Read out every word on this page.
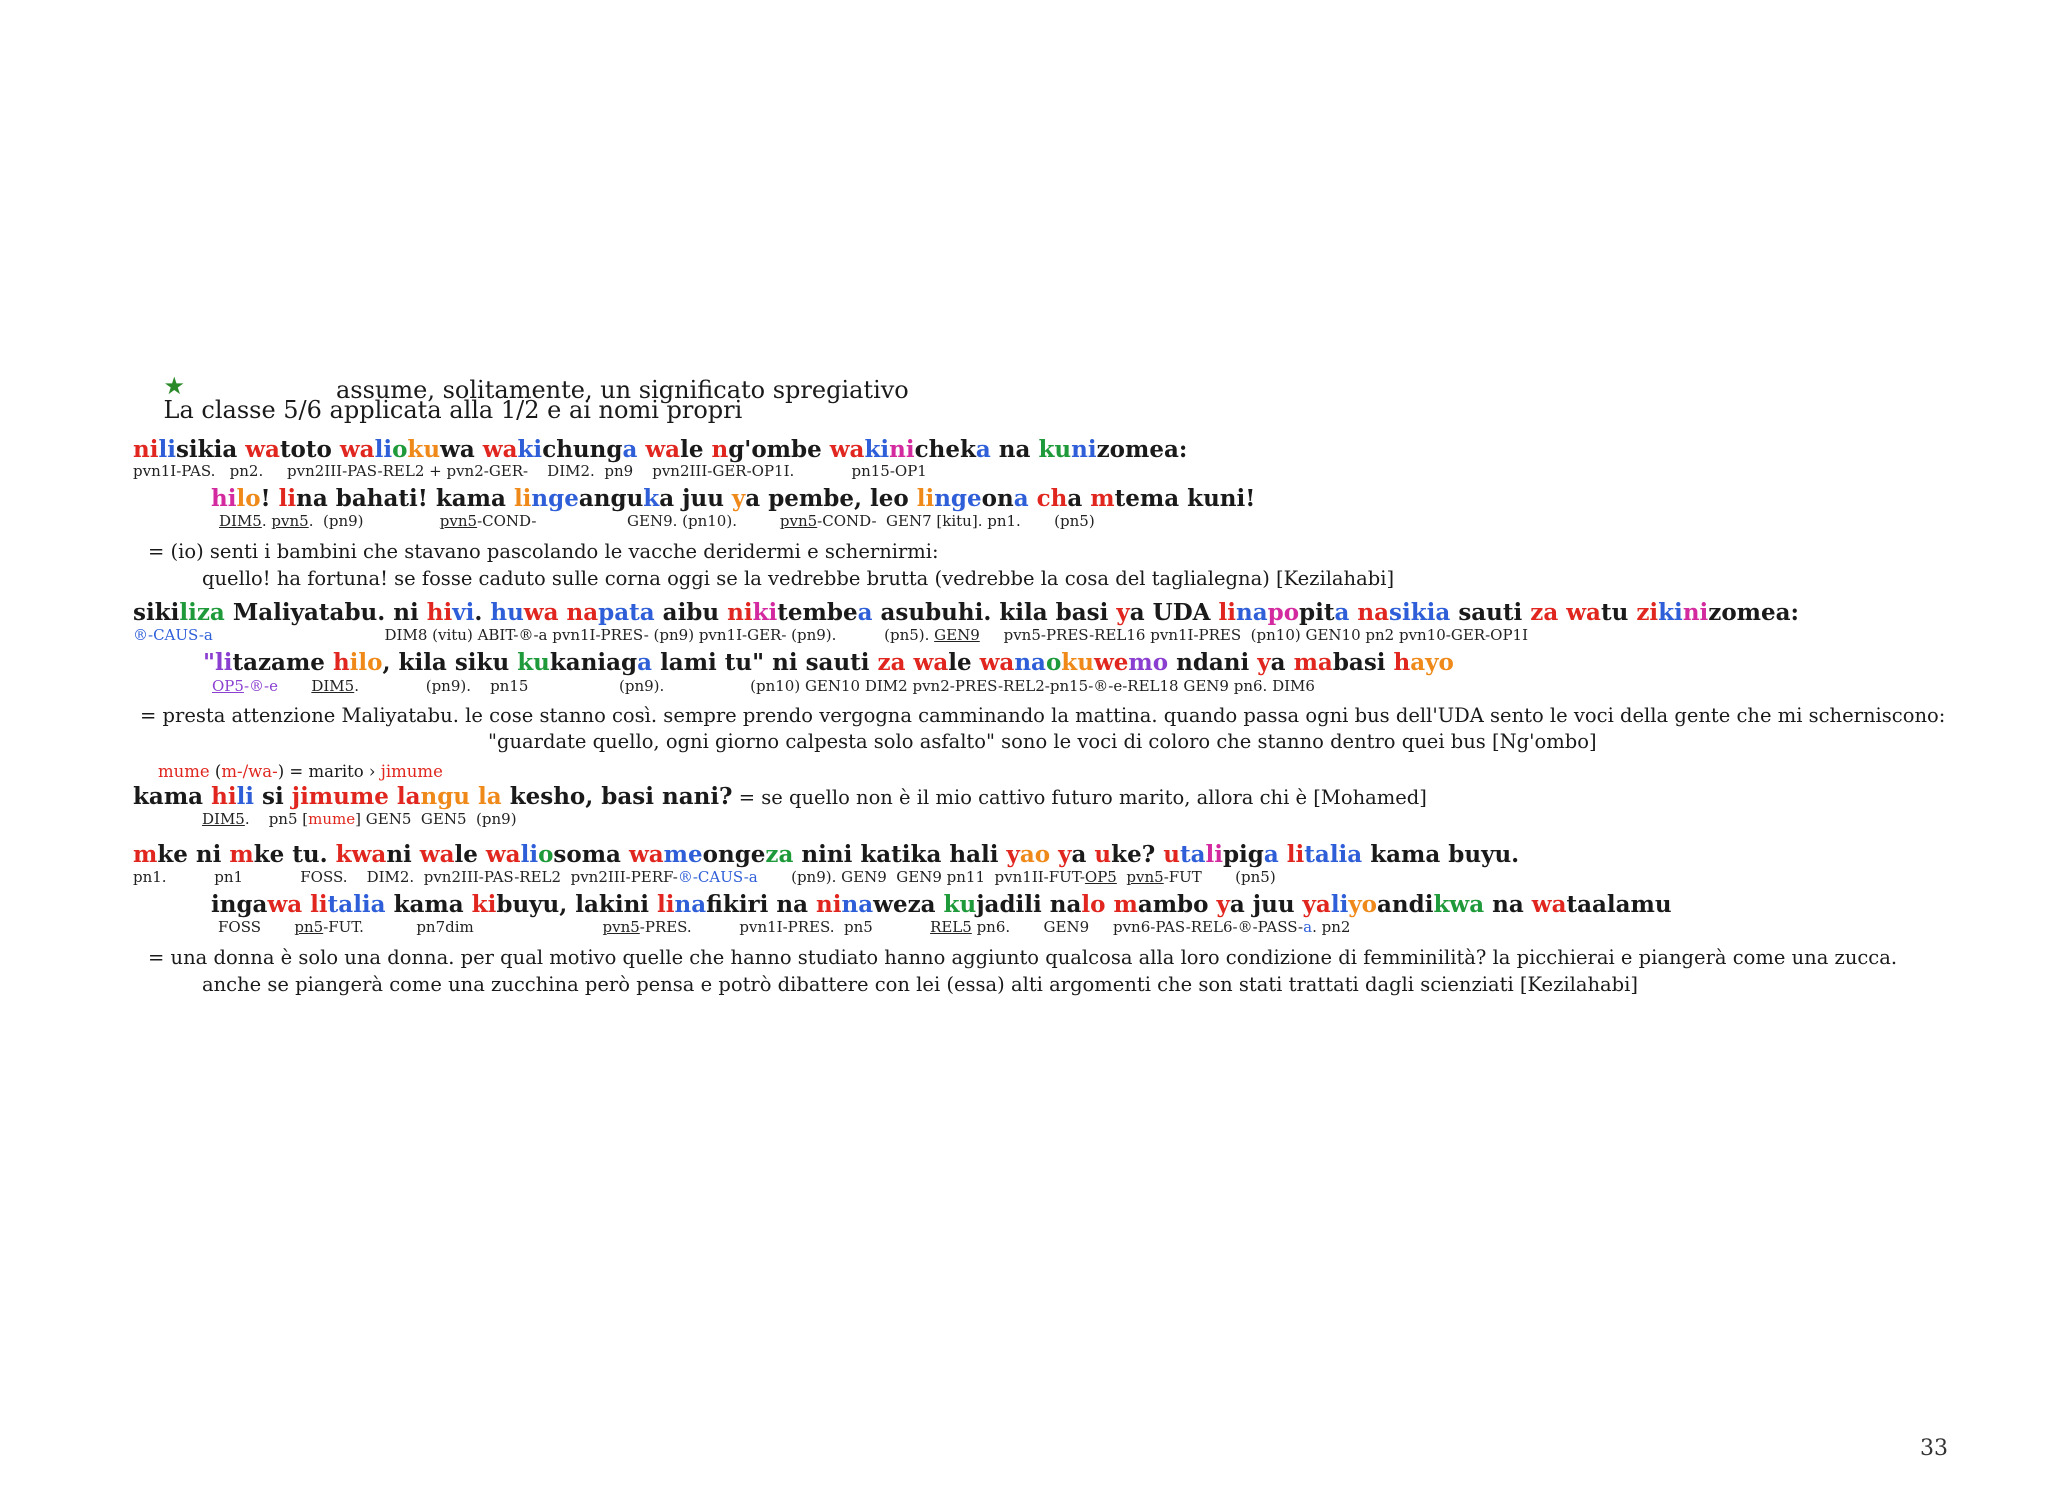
★
La classe 5/6 applicata alla 1/2 e ai nomi propri

assume, solitamente, un significato spregiativo
nilisikia watoto waliokuwa wakichunga wale ng'ombe wakinicheka na kunizomea:
pvn1I-PAS.   pn2.     pvn2III-PAS-REL2 + pvn2-GER-    DIM2.  pn9    pvn2III-GER-OP1I.            pn15-OP1
hilo! lina bahati! kama lingeanguka juu ya pembe, leo lingeona cha mtema kuni!
DIM5. pvn5.  (pn9)                pvn5-COND-                   GEN9. (pn10).         pvn5-COND-  GEN7 [kitu]. pn1.       (pn5)
= (io) senti i bambini che stavano pascolando le vacche deridermi e schernirmi:
quello! ha fortuna! se fosse caduto sulle corna oggi se la vedrebbe brutta (vedrebbe la cosa del taglialegna) [Kezilahabi]
sikiliza Maliyatabu. ni hivi. huwa napata aibu nikitembea asubuhi. kila basi ya UDA linapopita nasikia sauti za watu zikinizomea:
®-CAUS-a                                    DIM8 (vitu) ABIT-®-a pvn1I-PRES- (pn9) pvn1I-GER- (pn9).          (pn5). GEN9     pvn5-PRES-REL16 pvn1I-PRES  (pn10) GEN10 pn2 pvn10-GER-OP1I
"litazame hilo, kila siku kukaniaga lami tu" ni sauti za wale wanaokuwemo ndani ya mabasi hayo
OP5-®-e DIM5.              (pn9).    pn15                   (pn9).                  (pn10) GEN10 DIM2 pvn2-PRES-REL2-pn15-®-e-REL18 GEN9 pn6. DIM6
= presta attenzione Maliyatabu. le cose stanno così. sempre prendo vergogna camminando la mattina. quando passa ogni bus dell'UDA sento le voci della gente che mi scherniscono:
"guardate quello, ogni giorno calpesta solo asfalto" sono le voci di coloro che stanno dentro quei bus [Ng'ombo]
mume (m-/wa-) = marito › jimume
kama hili si jimume langu la kesho, basi nani? = se quello non è il mio cattivo futuro marito, allora chi è [Mohamed]
DIM5.    pn5 [mume] GEN5  GEN5  (pn9)
mke ni mke tu. kwani wale waliosoma wameongeza nini katika hali yao ya uke? utalipiga litalia kama buyu.
pn1.          pn1            FOSS.    DIM2.  pvn2III-PAS-REL2  pvn2III-PERF-®-CAUS-a       (pn9). GEN9  GEN9 pn11  pvn1II-FUT-OP5 pvn5-FUT       (pn5)
ingawa litalia kama kibuyu, lakini linafikiri na ninaweza kujadili nalo mambo ya juu yaliyoandikwa na wataalamu
FOSS       pn5-FUT.           pn7dim                           pvn5-PRES.          pvn1I-PRES.  pn5            REL5 pn6.       GEN9     pvn6-PAS-REL6-®-PASS-a. pn2
= una donna è solo una donna. per qual motivo quelle che hanno studiato hanno aggiunto qualcosa alla loro condizione di femminilità? la picchierai e piangerà come una zucca.
anche se piangerà come una zucchina però pensa e potrò dibattere con lei (essa) alti argomenti che son stati trattati dagli scienziati [Kezilahabi]
33
